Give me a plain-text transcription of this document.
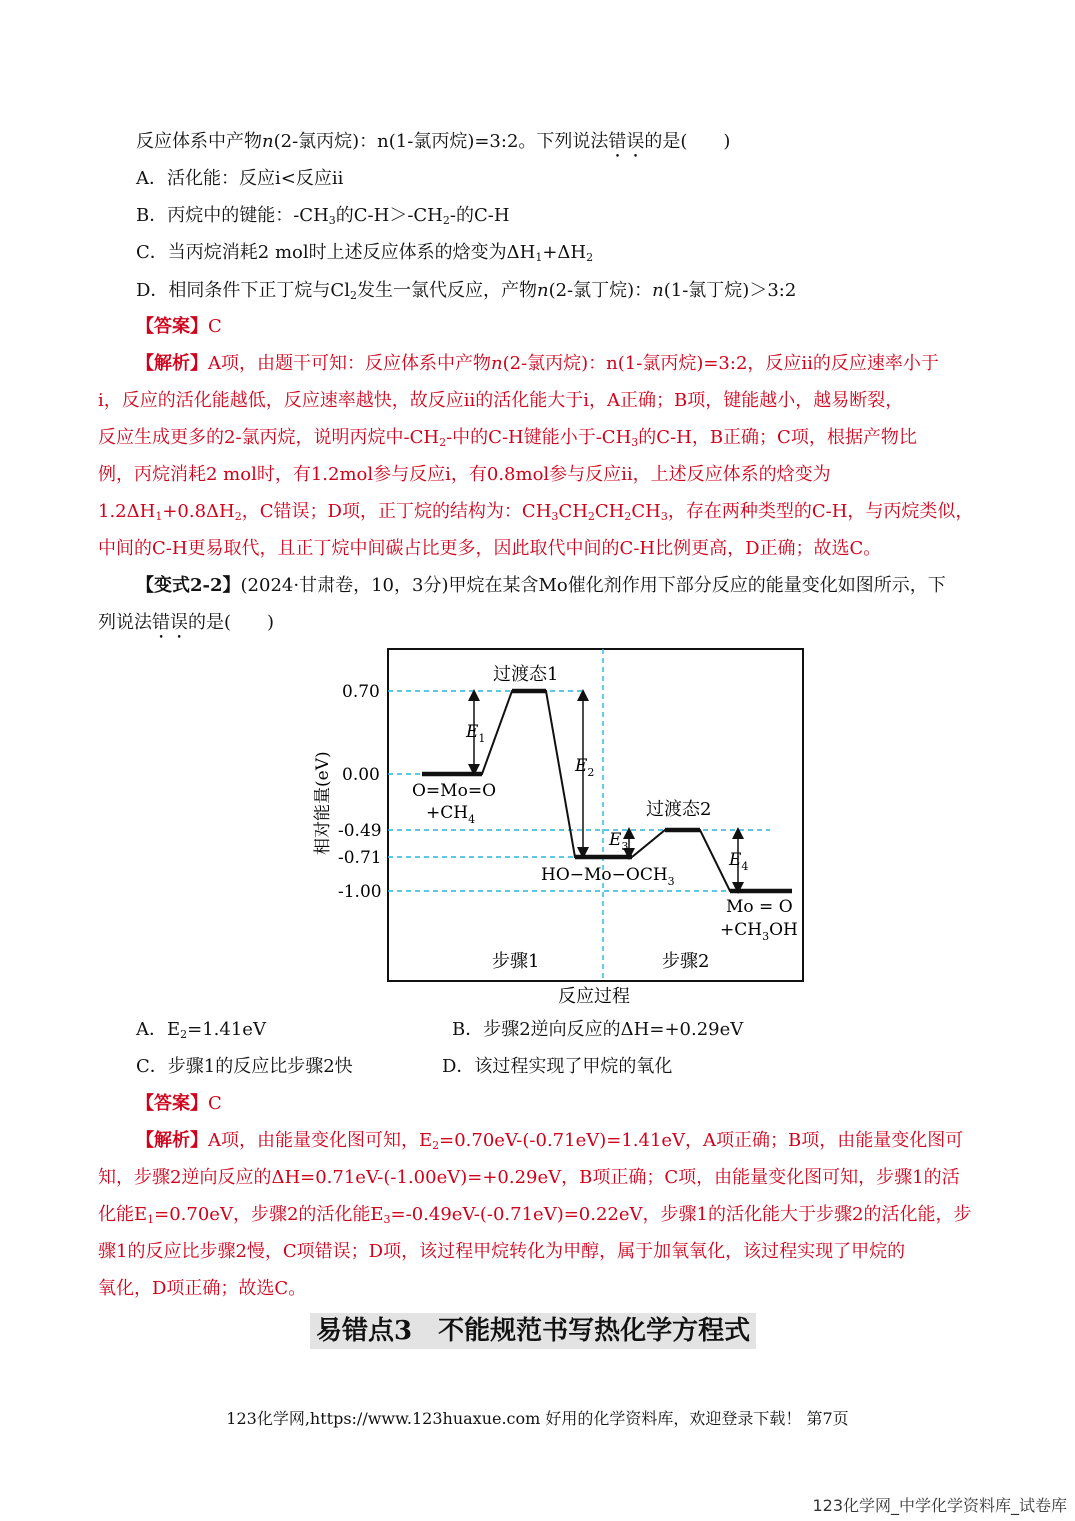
反应体系中产物n(2-氯丙烷)：n(1-氯丙烷)=3:2。下列说法错误的是(　　)
A．活化能：反应i<反应ii
B．丙烷中的键能：$-CH_3$的$C-H>-CH_2-$的C-H
C．当丙烷消耗2 mol时上述反应体系的焓变为$\Delta H_1+\Delta H_2$
D．相同条件下正丁烷与$Cl_2$发生一氯代反应，产物n(2-氯丁烷)：n(1-氯丁烷)＞3:2
【答案】C
【解析】A项，由题干可知：反应体系中产物n(2-氯丙烷)：n(1-氯丙烷)=3:2，反应ii的反应速率小于
i，反应的活化能越低，反应速率越快，故反应ii的活化能大于i，A正确；B项，键能越小，越易断裂，
反应生成更多的2-氯丙烷，说明丙烷中$-CH_2-$中的C-H键能小于$-CH_3$的C-H，B正确；C项，根据产物比
例，丙烷消耗2 mol时，有1.2mol参与反应i，有0.8mol参与反应ii，上述反应体系的焓变为
$1.2\Delta H_1+0.8\Delta H_2$，C错误；D项，正丁烷的结构为：$CH_3CH_2CH_2CH_3$，存在两种类型的C-H，与丙烷类似，
中间的C-H更易取代，且正丁烷中间碳占比更多，因此取代中间的C-H比例更高，D正确；故选C。
【变式2-2】(2024·甘肃卷，10，3分)甲烷在某含Mo催化剂作用下部分反应的能量变化如图所示，下
列说法错误的是(　　)
$E_1$
$E_2$
$E_3$
$E_4$
0.70
0.00
-0.49
-0.71
-1.00
相对能量(eV)
过渡态1
O=Mo=O
$+CH_4$	过渡态2
$HO-Mo-OCH_3$
Mo = O
$+CH_3OH$
步骤1	步骤2
反应过程
A．$E_2=1.41eV$	B．步骤2逆向反应的ΔH=+0.29eV
C．步骤1的反应比步骤2快	D．该过程实现了甲烷的氧化
【答案】C
【解析】A项，由能量变化图可知，$E_2=0.70eV-(-0.71eV)=1.41eV$，A项正确；B项，由能量变化图可
知，步骤2逆向反应的ΔH=0.71eV-(-1.00eV)=+0.29eV，B项正确；C项，由能量变化图可知，步骤1的活
化能$E_1=0.70eV$，步骤2的活化能$E_3=-0.49eV-(-0.71eV)=0.22eV$，步骤1的活化能大于步骤2的活化能，步
骤1的反应比步骤2慢，C项错误；D项，该过程甲烷转化为甲醇，属于加氧氧化，该过程实现了甲烷的
氧化，D项正确；故选C。
易错点3　不能规范书写热化学方程式
123化学网,https://www.123huaxue.com 好用的化学资料库，欢迎登录下载！ 第7页
123化学网_中学化学资料库_试卷库
